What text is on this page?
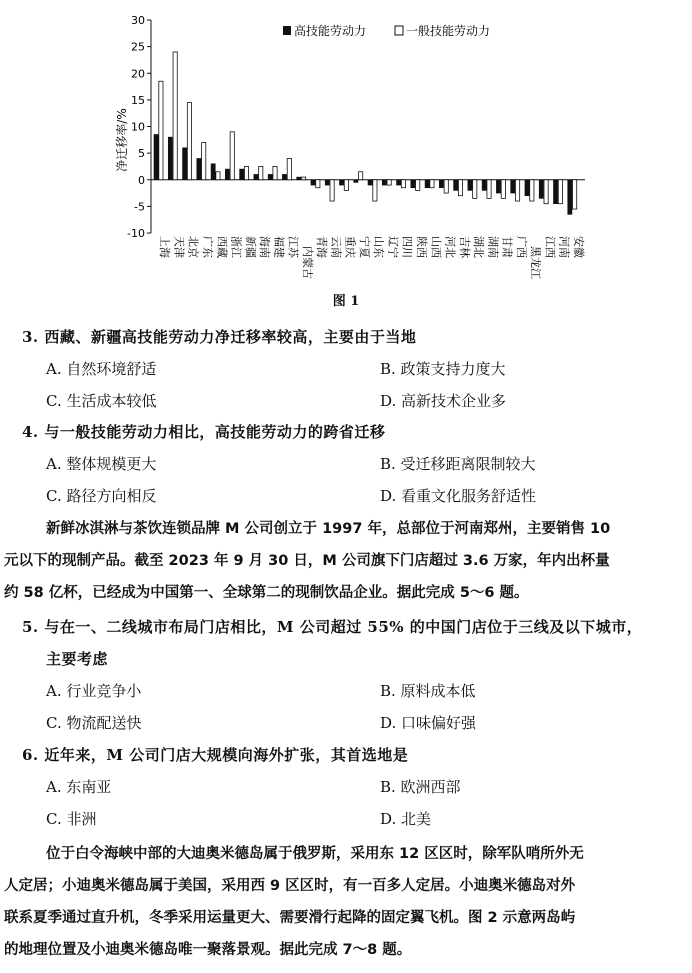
30
25
20
15
10
5
0
-5
-10
上海 天津 北京 广东 西藏 浙江 新疆 海南 福建 江苏 内蒙古 青海 云南 重庆 宁夏 山东 辽宁 四川 陕西 山西 河北 吉林 湖北 湖南 甘肃 广西 黑龙江 江西 河南 安徽
高技能劳动力	一般技能劳动力
净迁移率/%
图 1
3. 西藏、新疆高技能劳动力净迁移率较高，主要由于当地
A. 自然环境舒适	B. 政策支持力度大
C. 生活成本较低	D. 高新技术企业多
4. 与一般技能劳动力相比，高技能劳动力的跨省迁移
A. 整体规模更大	B. 受迁移距离限制较大
C. 路径方向相反	D. 看重文化服务舒适性
新鲜冰淇淋与茶饮连锁品牌 M 公司创立于 1997 年，总部位于河南郑州，主要销售 10
元以下的现制产品。截至 2023 年 9 月 30 日，M 公司旗下门店超过 3.6 万家，年内出杯量
约 58 亿杯，已经成为中国第一、全球第二的现制饮品企业。据此完成 5～6 题。
5. 与在一、二线城市布局门店相比，M 公司超过 55% 的中国门店位于三线及以下城市，
主要考虑
A. 行业竞争小	B. 原料成本低
C. 物流配送快	D. 口味偏好强
6. 近年来，M 公司门店大规模向海外扩张，其首选地是
A. 东南亚	B. 欧洲西部
C. 非洲	D. 北美
位于白令海峡中部的大迪奥米德岛属于俄罗斯，采用东 12 区区时，除军队哨所外无
人定居；小迪奥米德岛属于美国，采用西 9 区区时，有一百多人定居。小迪奥米德岛对外
联系夏季通过直升机，冬季采用运量更大、需要滑行起降的固定翼飞机。图 2 示意两岛屿
的地理位置及小迪奥米德岛唯一聚落景观。据此完成 7～8 题。
